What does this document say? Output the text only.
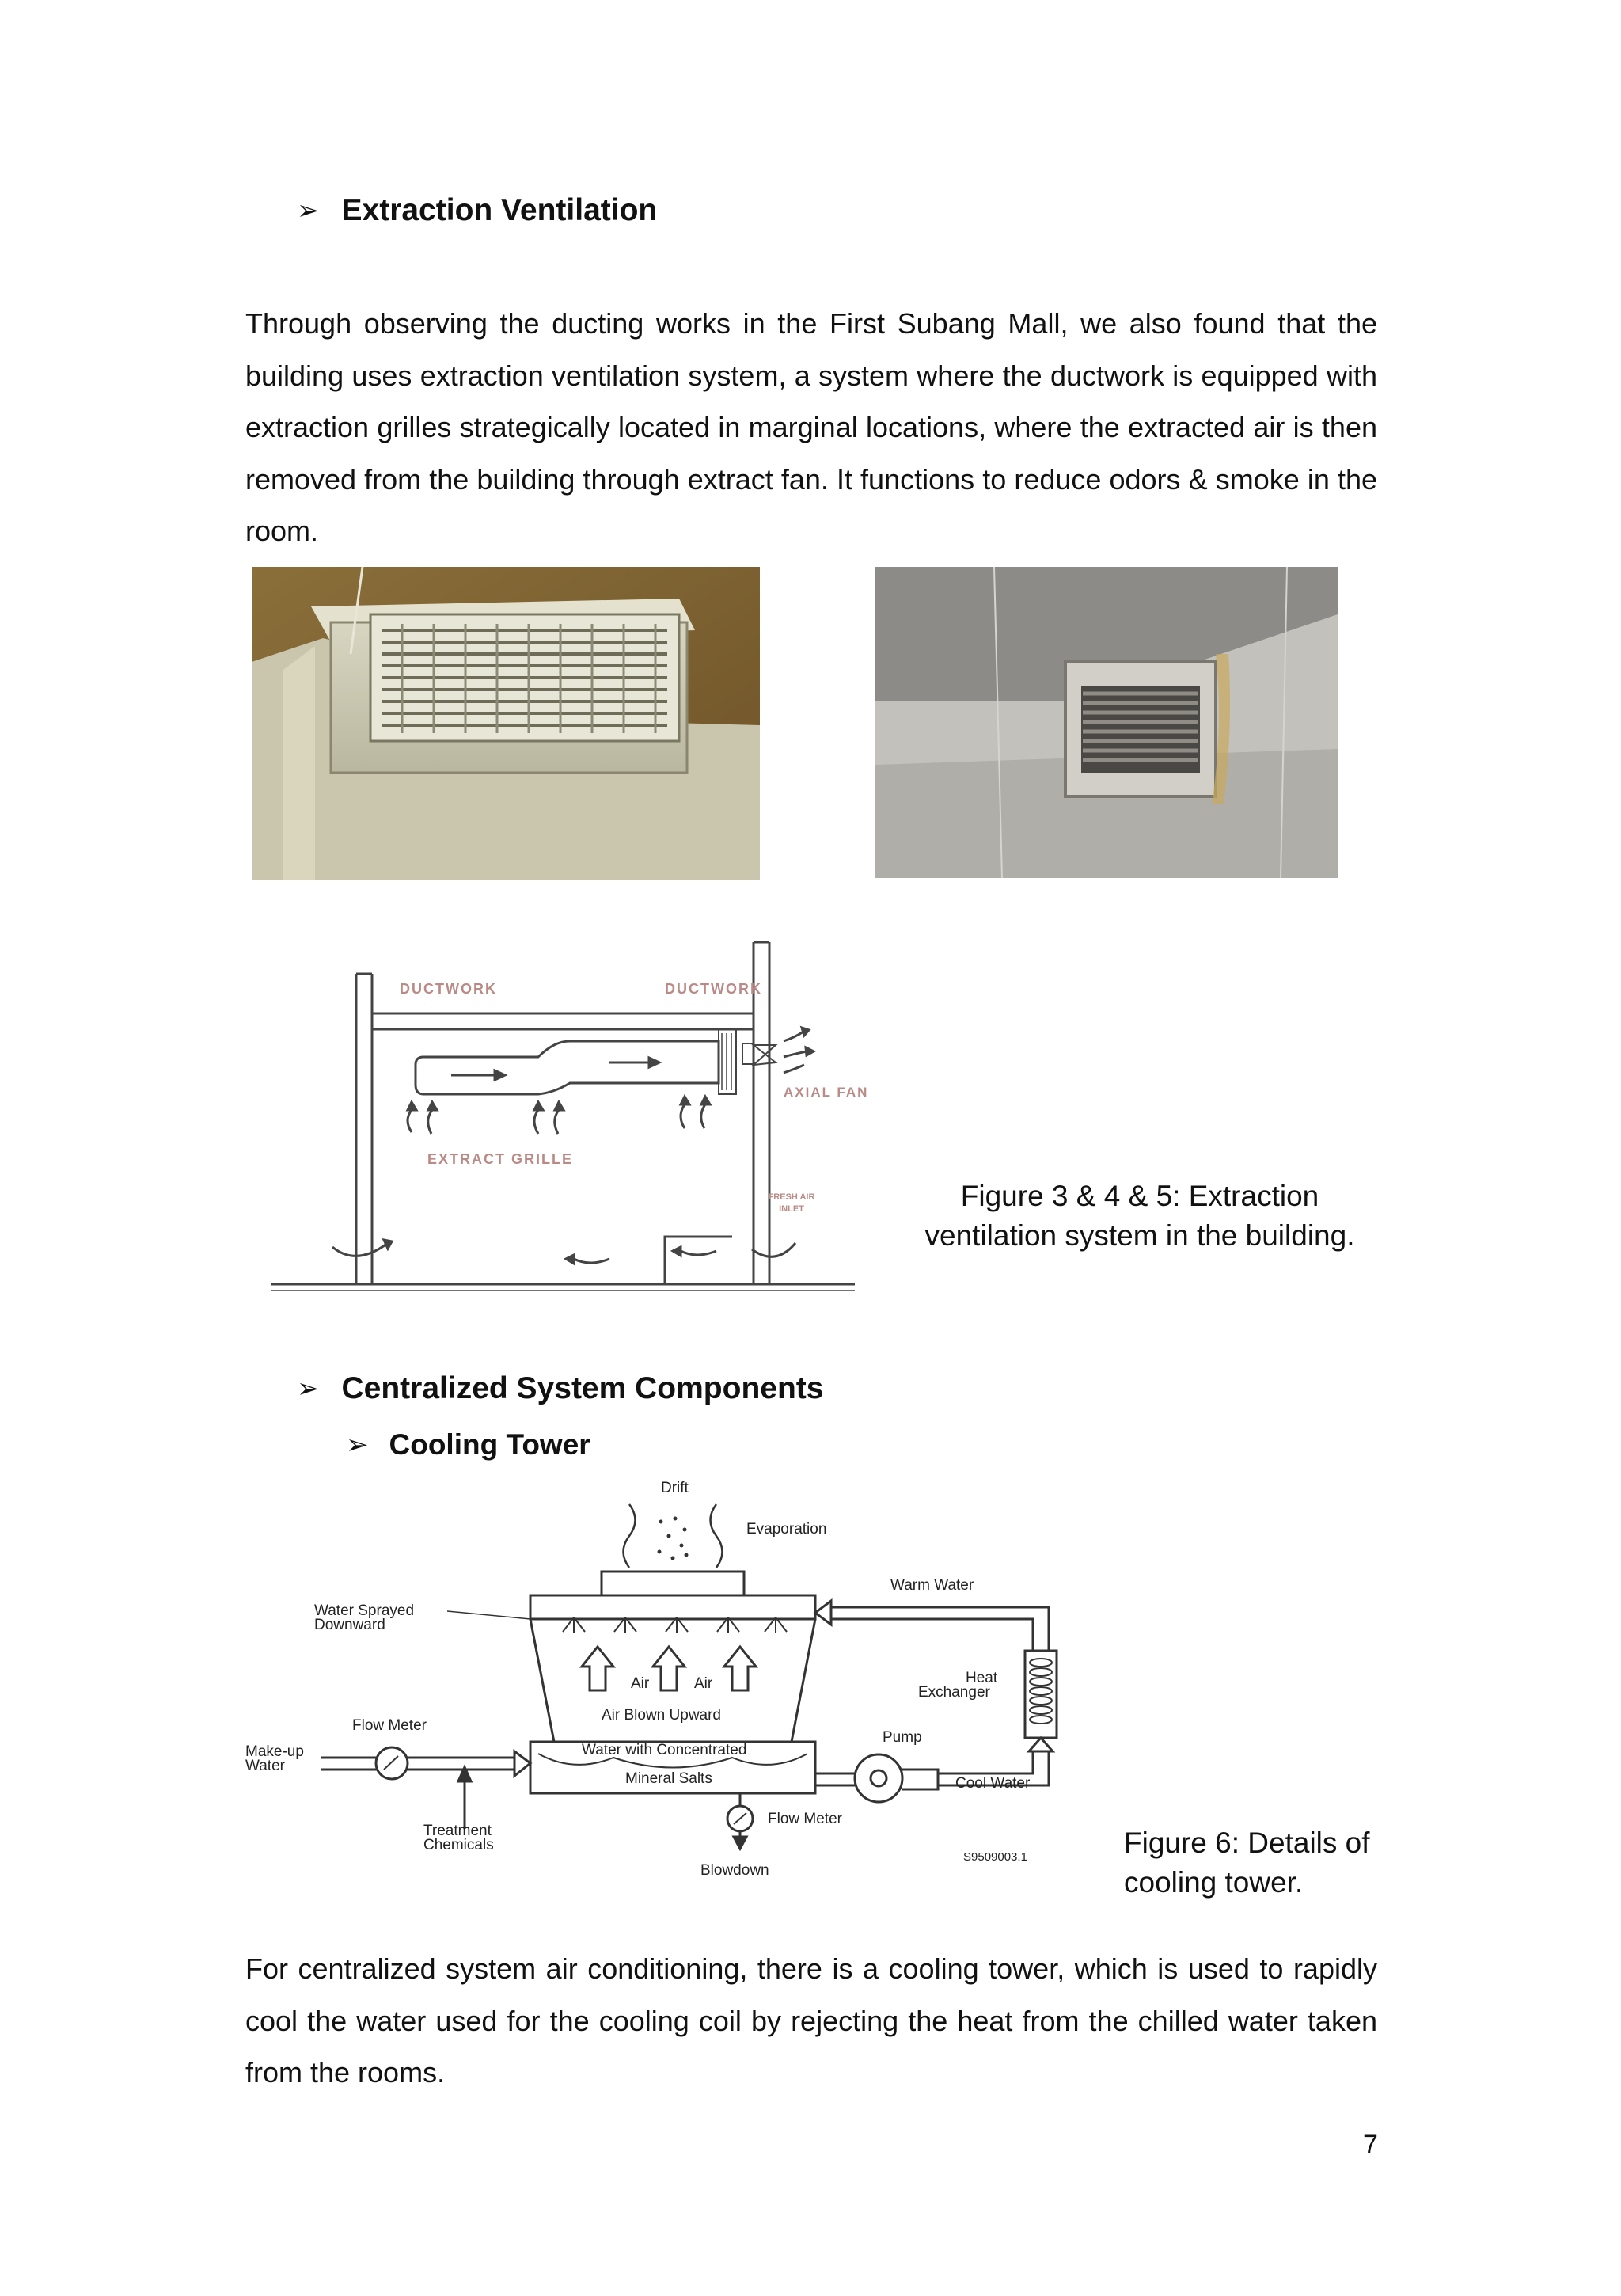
➢ Extraction Ventilation
Through observing the ducting works in the First Subang Mall, we also found that the building uses extraction ventilation system, a system where the ductwork is equipped with extraction grilles strategically located in marginal locations, where the extracted air is then removed from the building through extract fan. It functions to reduce odors & smoke in the room.
DUCTWORK	DUCTWORK
AXIAL FAN
EXTRACT GRILLE
FRESH AIR
INLET	Figure 3 & 4 & 5: Extraction
ventilation system in the building.
➢ Centralized System Components
➢ Cooling Tower
Drift
Evaporation
Warm Water
Water Sprayed
Downward
Air	Air
Air Blown Upward
Heat
Exchanger
Flow Meter
Pump
Make-up
Water
Water with Concentrated
Mineral Salts	Cool Water
Treatment
Chemicals
Flow Meter
S9509003.1
Blowdown
Figure 6: Details of
cooling tower.
For centralized system air conditioning, there is a cooling tower, which is used to rapidly cool the water used for the cooling coil by rejecting the heat from the chilled water taken from the rooms.
7
